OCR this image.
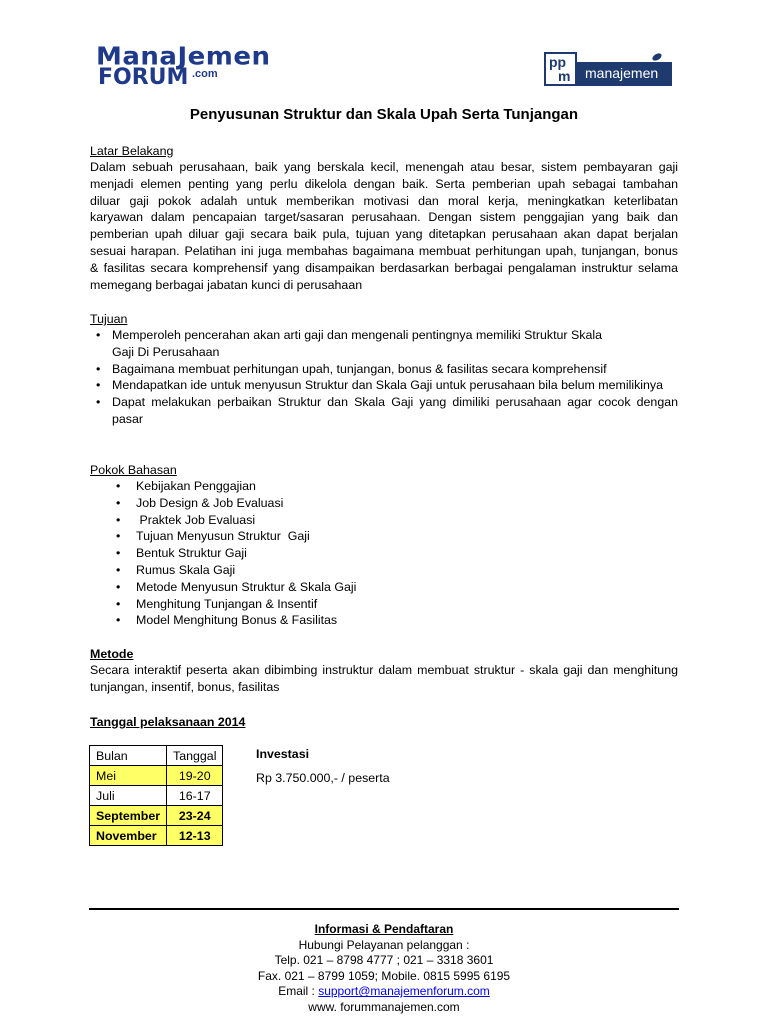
ManaJemen
FORUM .com
pp
m manajemen
Penyusunan Struktur dan Skala Upah Serta Tunjangan
Latar Belakang
Dalam sebuah perusahaan, baik yang berskala kecil, menengah atau besar, sistem pembayaran gaji
menjadi elemen penting yang perlu dikelola dengan baik. Serta pemberian upah sebagai tambahan
diluar gaji pokok adalah untuk memberikan motivasi dan moral kerja, meningkatkan keterlibatan
karyawan dalam pencapaian target/sasaran perusahaan. Dengan sistem penggajian yang baik dan
pemberian upah diluar gaji secara baik pula, tujuan yang ditetapkan perusahaan akan dapat berjalan
sesuai harapan. Pelatihan ini juga membahas bagaimana membuat perhitungan upah, tunjangan, bonus
& fasilitas secara komprehensif yang disampaikan berdasarkan berbagai pengalaman instruktur selama
memegang berbagai jabatan kunci di perusahaan
Tujuan
• Memperoleh pencerahan akan arti gaji dan mengenali pentingnya memiliki Struktur Skala Gaji Di Perusahaan
• Bagaimana membuat perhitungan upah, tunjangan, bonus & fasilitas secara komprehensif
• Mendapatkan ide untuk menyusun Struktur dan Skala Gaji untuk perusahaan bila belum memilikinya
• Dapat melakukan perbaikan Struktur dan Skala Gaji yang dimiliki perusahaan agar cocok dengan pasar
Pokok Bahasan
• Kebijakan Penggajian
• Job Design & Job Evaluasi
•  Praktek Job Evaluasi
• Tujuan Menyusun Struktur  Gaji
• Bentuk Struktur Gaji
• Rumus Skala Gaji
• Metode Menyusun Struktur & Skala Gaji
• Menghitung Tunjangan & Insentif
• Model Menghitung Bonus & Fasilitas
Metode
Secara interaktif peserta akan dibimbing instruktur dalam membuat struktur - skala gaji dan menghitung
tunjangan, insentif, bonus, fasilitas
Tanggal pelaksanaan 2014
Bulan	Tanggal
Mei	19-20
Juli	16-17
September	23-24
November	12-13
Investasi
Rp 3.750.000,- / peserta
Informasi & Pendaftaran
Hubungi Pelayanan pelanggan :
Telp. 021 – 8798 4777 ; 021 – 3318 3601
Fax. 021 – 8799 1059; Mobile. 0815 5995 6195
Email : support@manajemenforum.com
www. forummanajemen.com
